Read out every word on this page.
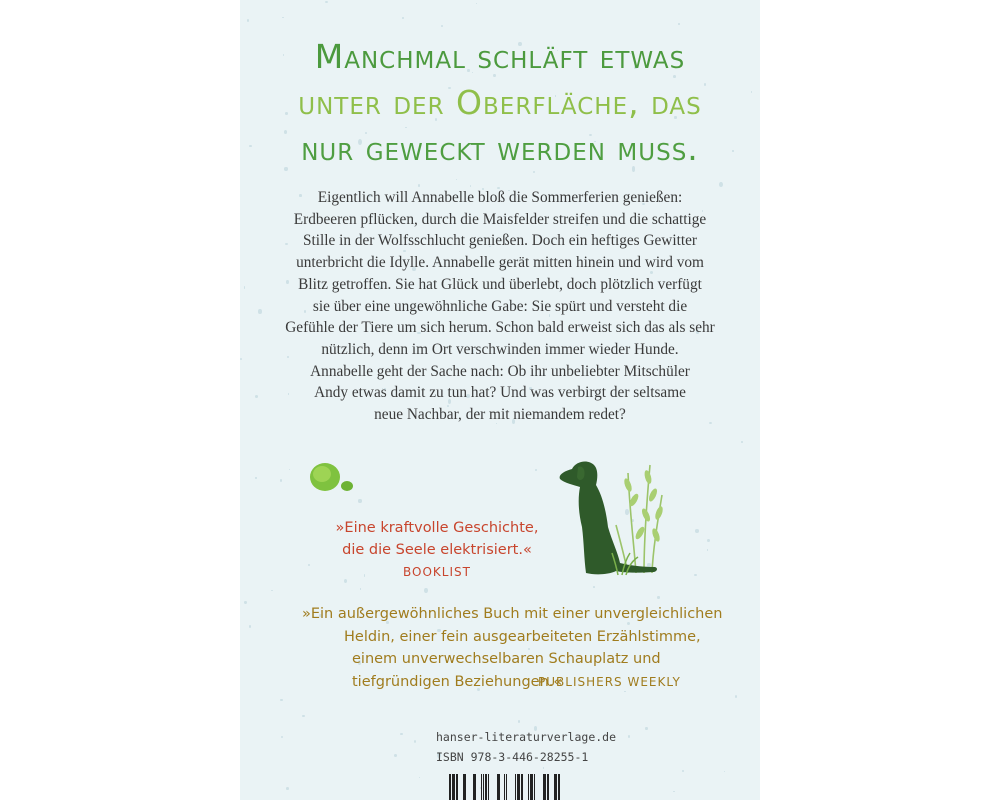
Manchmal schläft etwas
unter der Oberfläche, das
nur geweckt werden muss.
Eigentlich will Annabelle bloß die Sommerferien genießen:
Erdbeeren pflücken, durch die Maisfelder streifen und die schattige
Stille in der Wolfsschlucht genießen. Doch ein heftiges Gewitter
unterbricht die Idylle. Annabelle gerät mitten hinein und wird vom
Blitz getroffen. Sie hat Glück und überlebt, doch plötzlich verfügt
sie über eine ungewöhnliche Gabe: Sie spürt und versteht die
Gefühle der Tiere um sich herum. Schon bald erweist sich das als sehr
nützlich, denn im Ort verschwinden immer wieder Hunde.
Annabelle geht der Sache nach: Ob ihr unbeliebter Mitschüler
Andy etwas damit zu tun hat? Und was verbirgt der seltsame
neue Nachbar, der mit niemandem redet?
»Eine kraftvolle Geschichte,
die die Seele elektrisiert.«
BOOKLIST
»Ein außergewöhnliches Buch mit einer unvergleichlichen
Heldin, einer fein ausgearbeiteten Erzählstimme,
einem unverwechselbaren Schauplatz und
tiefgründigen Beziehungen.«
PUBLISHERS WEEKLY
hanser-literaturverlage.de
ISBN 978-3-446-28255-1
